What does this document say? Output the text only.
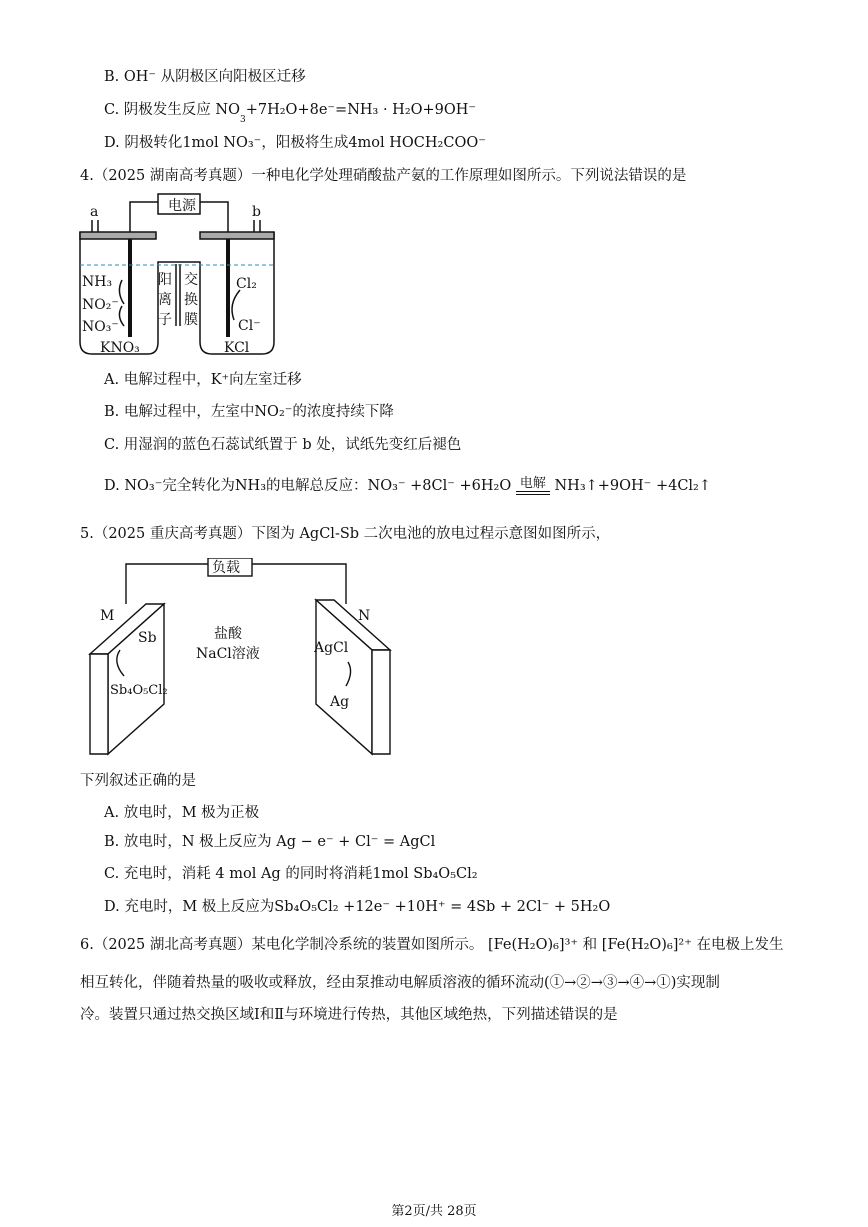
B. OH⁻ 从阴极区向阳极区迁移
C. 阴极发生反应 $NO_3+7H_2O+8e^-=NH_3 \cdot H_2O+9OH^-$
D. 阴极转化1mol NO₃⁻，阳极将生成4mol HOCH₂COO⁻
4.（2025 湖南高考真题）一种电化学处理硝酸盐产氨的工作原理如图所示。下列说法错误的是
电源
a	b
NH₃
NO₂⁻
NO₃⁻
KNO₃
阳
离
子
交
换
膜
Cl₂
Cl⁻
KCl
A. 电解过程中，K⁺向左室迁移
B. 电解过程中，左室中NO₂⁻的浓度持续下降
C. 用湿润的蓝色石蕊试纸置于 b 处，试纸先变红后褪色
D. NO₃⁻完全转化为NH₃的电解总反应：NO₃⁻ +8Cl⁻ +6H₂O 电解 NH₃↑+9OH⁻ +4Cl₂↑
5.（2025 重庆高考真题）下图为 AgCl-Sb 二次电池的放电过程示意图如图所示，
负载
M	N
盐酸
NaCl溶液
Sb
Sb₄O₅Cl₂
AgCl
Ag
下列叙述正确的是
A. 放电时，M 极为正极
B. 放电时，N 极上反应为 Ag − e⁻ + Cl⁻ = AgCl
C. 充电时，消耗 4 mol Ag 的同时将消耗1mol Sb₄O₅Cl₂
D. 充电时，M 极上反应为Sb₄O₅Cl₂ +12e⁻ +10H⁺ = 4Sb + 2Cl⁻ + 5H₂O
6.（2025 湖北高考真题）某电化学制冷系统的装置如图所示。 [Fe(H₂O)₆]³⁺ 和 [Fe(H₂O)₆]²⁺ 在电极上发生
相互转化，伴随着热量的吸收或释放，经由泵推动电解质溶液的循环流动(①→②→③→④→①)实现制
冷。装置只通过热交换区域Ⅰ和Ⅱ与环境进行传热，其他区域绝热，下列描述错误的是
第2页/共 28页
